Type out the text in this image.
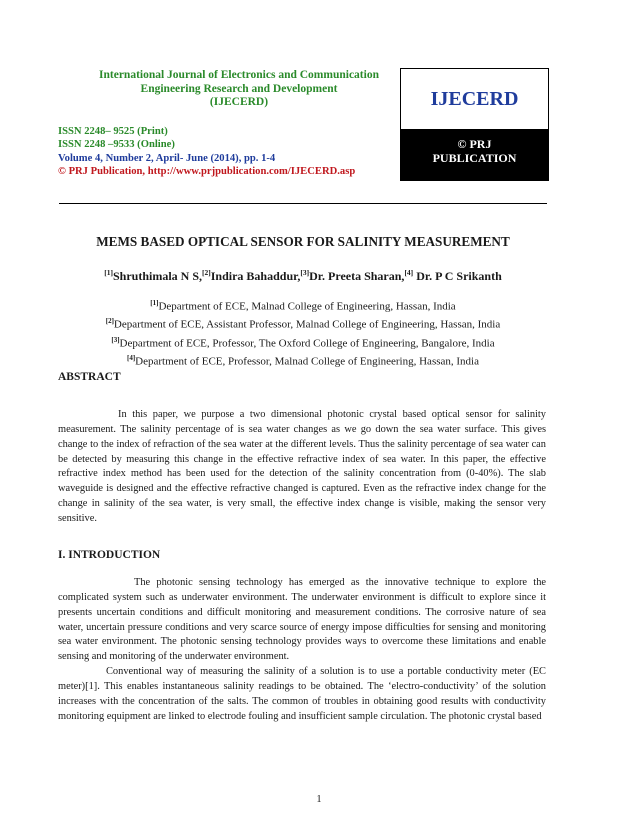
International Journal of Electronics and Communication
Engineering Research and Development
(IJECERD)
ISSN 2248– 9525 (Print)
ISSN 2248 –9533 (Online)
Volume 4, Number 2, April- June (2014), pp. 1-4
© PRJ Publication, http://www.prjpublication.com/IJECERD.asp
IJECERD
© PRJ
PUBLICATION
MEMS BASED OPTICAL SENSOR FOR SALINITY MEASUREMENT
[1]Shruthimala N S,[2]Indira Bahaddur,[3]Dr. Preeta Sharan,[4] Dr. P C Srikanth
[1]Department of ECE, Malnad College of Engineering, Hassan, India
[2]Department of ECE, Assistant Professor, Malnad College of Engineering, Hassan, India
[3]Department of ECE, Professor, The Oxford College of Engineering, Bangalore, India
[4]Department of ECE, Professor, Malnad College of Engineering, Hassan, India
ABSTRACT

In this paper, we purpose a two dimensional photonic crystal based optical sensor for salinity measurement. The salinity percentage of is sea water changes as we go down the sea water surface. This gives change to the index of refraction of the sea water at the different levels. Thus the salinity percentage of sea water can be detected by measuring this change in the effective refractive index of sea water. In this paper, the effective refractive index method has been used for the detection of the salinity concentration from (0-40%). The slab waveguide is designed and the effective refractive changed is captured. Even as the refractive index change for the change in salinity of the sea water, is very small, the effective index change is visible, making the sensor very sensitive.

I. INTRODUCTION

The photonic sensing technology has emerged as the innovative technique to explore the complicated system such as underwater environment. The underwater environment is difficult to explore since it presents uncertain conditions and difficult monitoring and measurement conditions. The corrosive nature of sea water, uncertain pressure conditions and very scarce source of energy impose difficulties for sensing and monitoring sea water environment. The photonic sensing technology provides ways to overcome these limitations and enable sensing and monitoring of the underwater environment.

Conventional way of measuring the salinity of a solution is to use a portable conductivity meter (EC meter)[1]. This enables instantaneous salinity readings to be obtained. The ‘electro-conductivity’ of the solution increases with the concentration of the salts. The common of troubles in obtaining good results with conductivity monitoring equipment are linked to electrode fouling and insufficient sample circulation. The photonic crystal based

1
